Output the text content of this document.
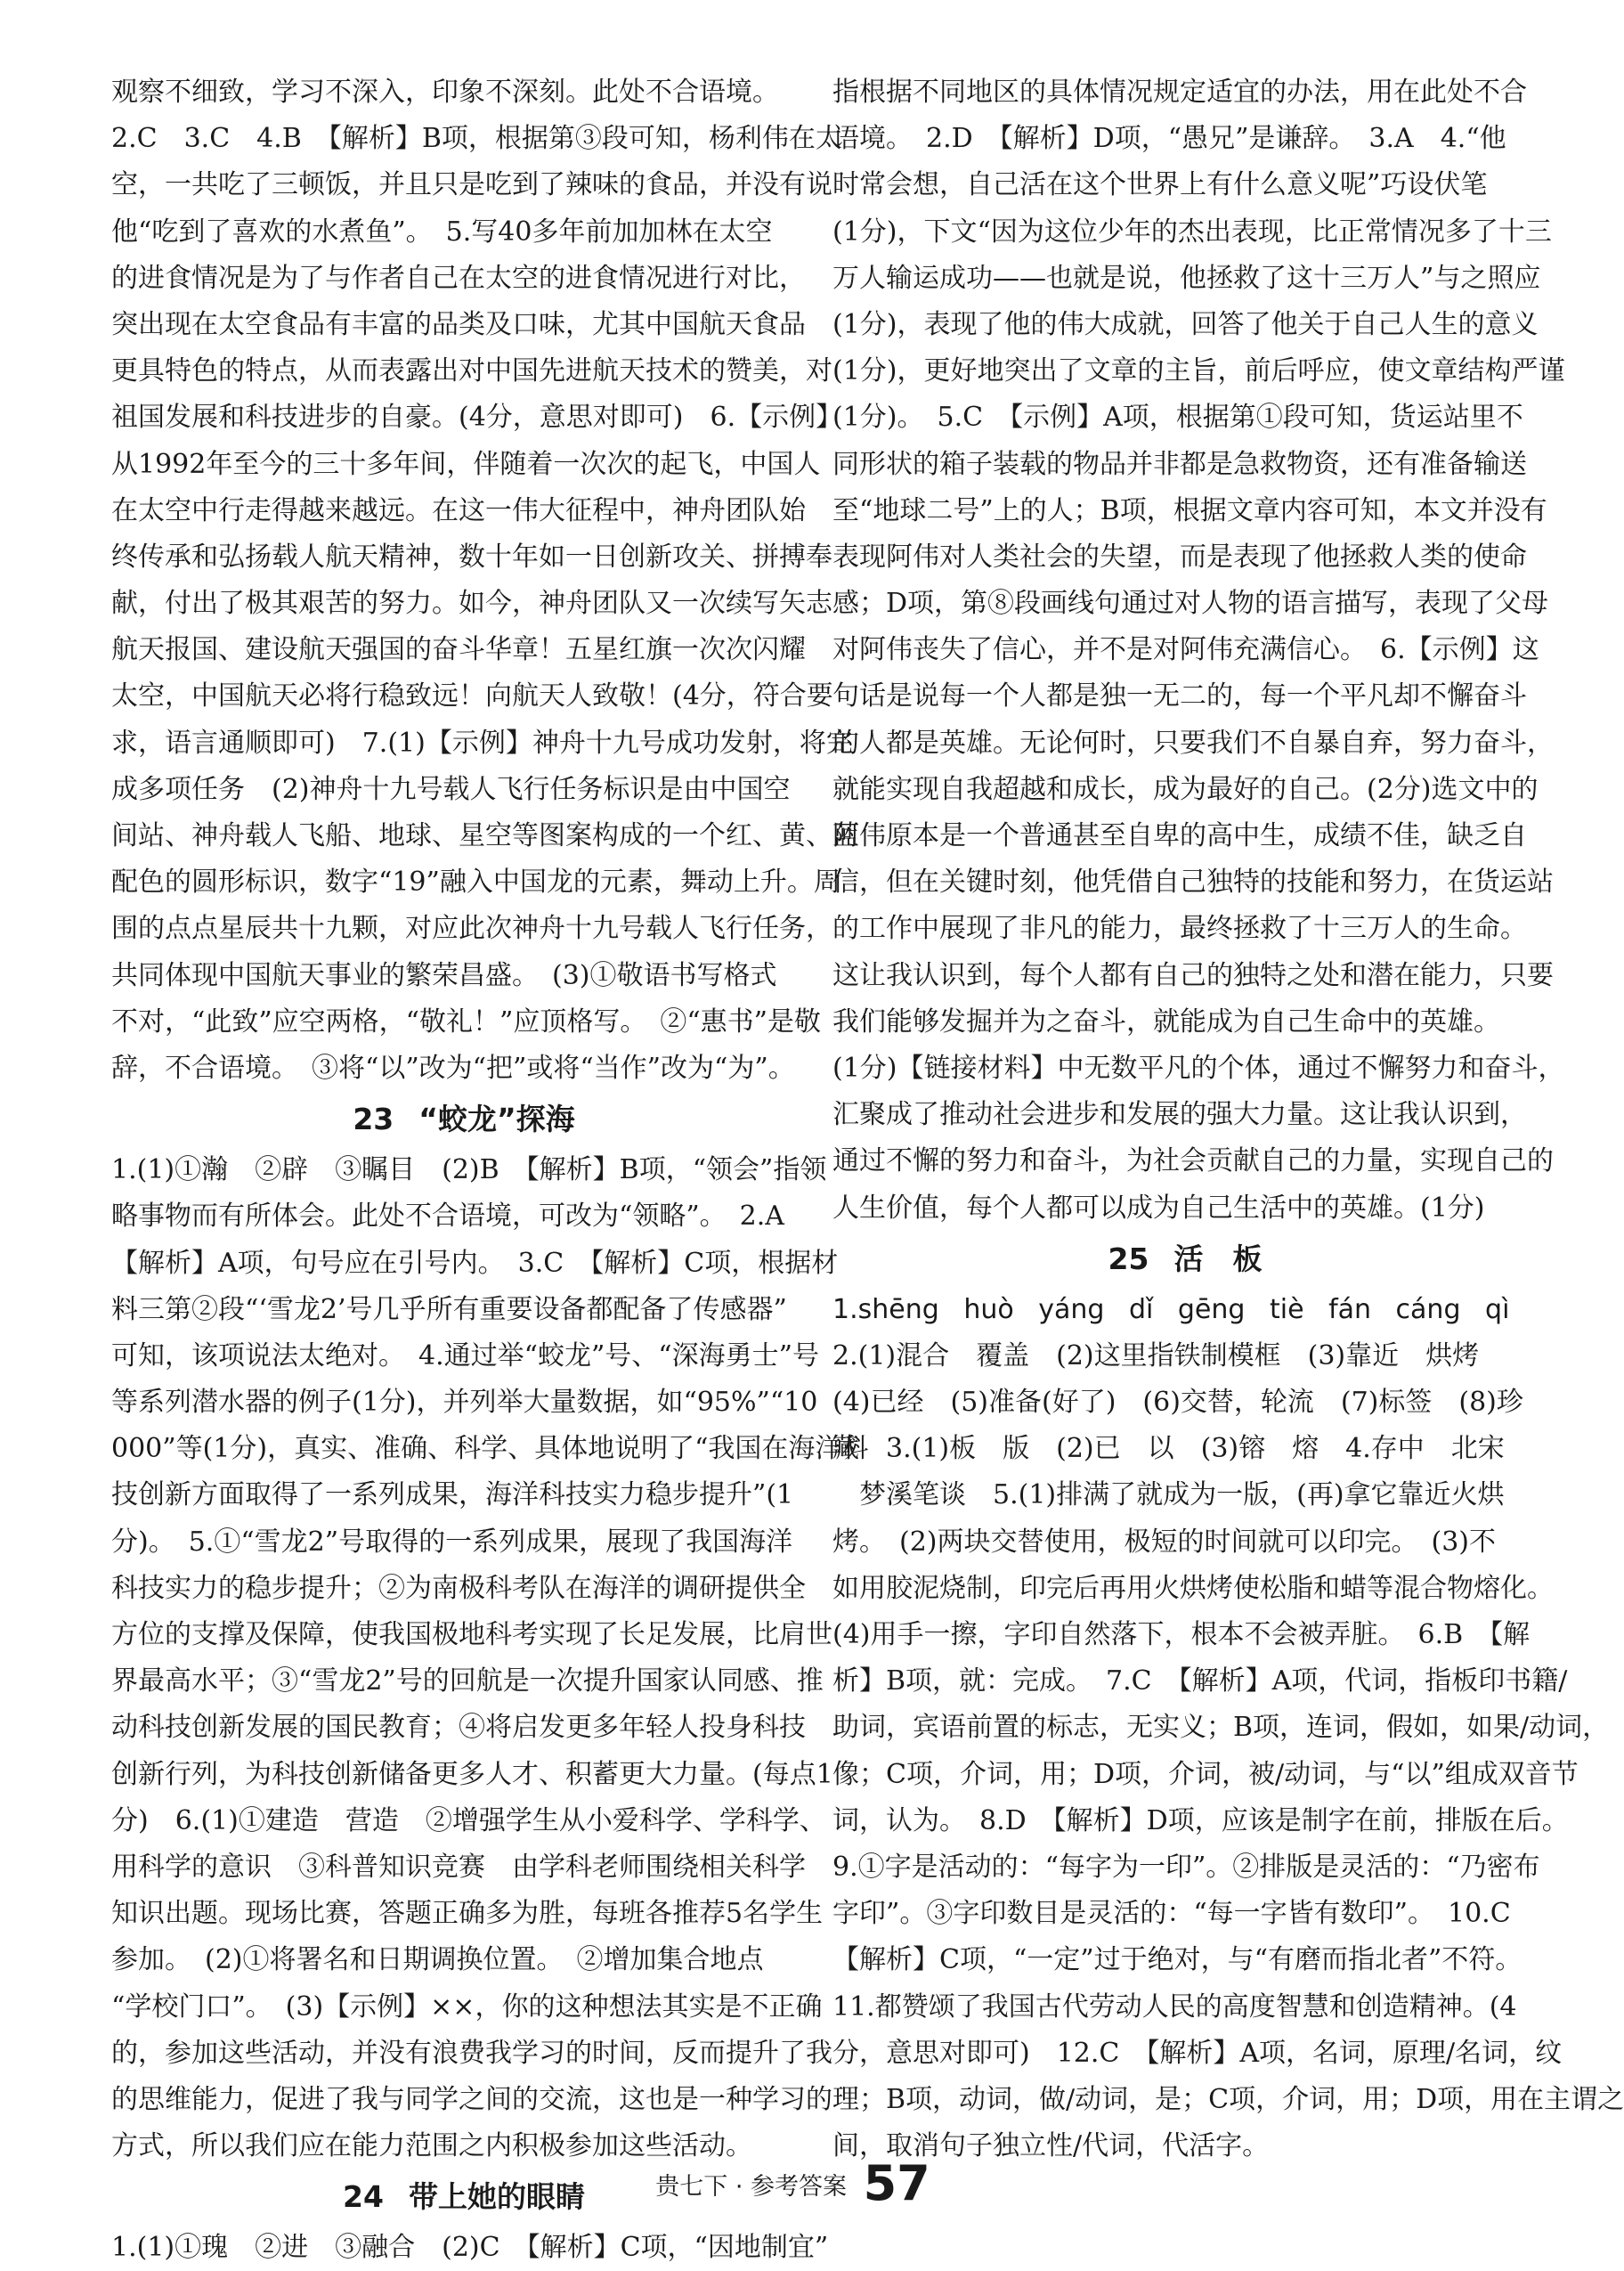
观察不细致，学习不深入，印象不深刻。此处不合语境。
2.C　3.C　4.B　【解析】B项，根据第③段可知，杨利伟在太
空，一共吃了三顿饭，并且只是吃到了辣味的食品，并没有说
他“吃到了喜欢的水煮鱼”。　5.写40多年前加加林在太空
的进食情况是为了与作者自己在太空的进食情况进行对比，
突出现在太空食品有丰富的品类及口味，尤其中国航天食品
更具特色的特点，从而表露出对中国先进航天技术的赞美，对
祖国发展和科技进步的自豪。(4分，意思对即可)　6.【示例】
从1992年至今的三十多年间，伴随着一次次的起飞，中国人
在太空中行走得越来越远。在这一伟大征程中，神舟团队始
终传承和弘扬载人航天精神，数十年如一日创新攻关、拼搏奉
献，付出了极其艰苦的努力。如今，神舟团队又一次续写矢志
航天报国、建设航天强国的奋斗华章！五星红旗一次次闪耀
太空，中国航天必将行稳致远！向航天人致敬！(4分，符合要
求，语言通顺即可)　7.(1)【示例】神舟十九号成功发射，将完
成多项任务　(2)神舟十九号载人飞行任务标识是由中国空
间站、神舟载人飞船、地球、星空等图案构成的一个红、黄、蓝
配色的圆形标识，数字“19”融入中国龙的元素，舞动上升。周
围的点点星辰共十九颗，对应此次神舟十九号载人飞行任务，
共同体现中国航天事业的繁荣昌盛。　(3)①敬语书写格式
不对，“此致”应空两格，“敬礼！”应顶格写。　②“惠书”是敬
辞，不合语境。　③将“以”改为“把”或将“当作”改为“为”。
23 “蛟龙”探海
1.(1)①瀚　②辟　③瞩目　(2)B　【解析】B项，“领会”指领
略事物而有所体会。此处不合语境，可改为“领略”。　2.A
【解析】A项，句号应在引号内。　3.C　【解析】C项，根据材
料三第②段“‘雪龙2’号几乎所有重要设备都配备了传感器”
可知，该项说法太绝对。　4.通过举“蛟龙”号、“深海勇士”号
等系列潜水器的例子(1分)，并列举大量数据，如“95%”“10
000”等(1分)，真实、准确、科学、具体地说明了“我国在海洋科
技创新方面取得了一系列成果，海洋科技实力稳步提升”(1
分)。　5.①“雪龙2”号取得的一系列成果，展现了我国海洋
科技实力的稳步提升；②为南极科考队在海洋的调研提供全
方位的支撑及保障，使我国极地科考实现了长足发展，比肩世
界最高水平；③“雪龙2”号的回航是一次提升国家认同感、推
动科技创新发展的国民教育；④将启发更多年轻人投身科技
创新行列，为科技创新储备更多人才、积蓄更大力量。(每点1
分)　6.(1)①建造　营造　②增强学生从小爱科学、学科学、
用科学的意识　③科普知识竞赛　由学科老师围绕相关科学
知识出题。现场比赛，答题正确多为胜，每班各推荐5名学生
参加。　(2)①将署名和日期调换位置。　②增加集合地点
“学校门口”。　(3)【示例】××，你的这种想法其实是不正确
的，参加这些活动，并没有浪费我学习的时间，反而提升了我
的思维能力，促进了我与同学之间的交流，这也是一种学习的
方式，所以我们应在能力范围之内积极参加这些活动。
24 带上她的眼睛
1.(1)①瑰　②进　③融合　(2)C　【解析】C项，“因地制宜”
指根据不同地区的具体情况规定适宜的办法，用在此处不合
语境。　2.D　【解析】D项，“愚兄”是谦辞。　3.A　4.“他
时常会想，自己活在这个世界上有什么意义呢”巧设伏笔
(1分)，下文“因为这位少年的杰出表现，比正常情况多了十三
万人输运成功——也就是说，他拯救了这十三万人”与之照应
(1分)，表现了他的伟大成就，回答了他关于自己人生的意义
(1分)，更好地突出了文章的主旨，前后呼应，使文章结构严谨
(1分)。　5.C　【示例】A项，根据第①段可知，货运站里不
同形状的箱子装载的物品并非都是急救物资，还有准备输送
至“地球二号”上的人；B项，根据文章内容可知，本文并没有
表现阿伟对人类社会的失望，而是表现了他拯救人类的使命
感；D项，第⑧段画线句通过对人物的语言描写，表现了父母
对阿伟丧失了信心，并不是对阿伟充满信心。　6.【示例】这
句话是说每一个人都是独一无二的，每一个平凡却不懈奋斗
的人都是英雄。无论何时，只要我们不自暴自弃，努力奋斗，
就能实现自我超越和成长，成为最好的自己。(2分)选文中的
阿伟原本是一个普通甚至自卑的高中生，成绩不佳，缺乏自
信，但在关键时刻，他凭借自己独特的技能和努力，在货运站
的工作中展现了非凡的能力，最终拯救了十三万人的生命。
这让我认识到，每个人都有自己的独特之处和潜在能力，只要
我们能够发掘并为之奋斗，就能成为自己生命中的英雄。
(1分)【链接材料】中无数平凡的个体，通过不懈努力和奋斗，
汇聚成了推动社会进步和发展的强大力量。这让我认识到，
通过不懈的努力和奋斗，为社会贡献自己的力量，实现自己的
人生价值，每个人都可以成为自己生活中的英雄。(1分)
25 活　板
1.shēng huò yáng dǐ gēng tiè fán cáng qì
2.(1)混合　覆盖　(2)这里指铁制模框　(3)靠近　烘烤
(4)已经　(5)准备(好了)　(6)交替，轮流　(7)标签　(8)珍
藏　3.(1)板　版　(2)已　以　(3)镕　熔　4.存中　北宋
　梦溪笔谈　5.(1)排满了就成为一版，(再)拿它靠近火烘
烤。　(2)两块交替使用，极短的时间就可以印完。　(3)不
如用胶泥烧制，印完后再用火烘烤使松脂和蜡等混合物熔化。
(4)用手一擦，字印自然落下，根本不会被弄脏。　6.B　【解
析】B项，就：完成。　7.C　【解析】A项，代词，指板印书籍/
助词，宾语前置的标志，无实义；B项，连词，假如，如果/动词，
像；C项，介词，用；D项，介词，被/动词，与“以”组成双音节
词，认为。　8.D　【解析】D项，应该是制字在前，排版在后。
9.①字是活动的：“每字为一印”。②排版是灵活的：“乃密布
字印”。③字印数目是灵活的：“每一字皆有数印”。　10.C
【解析】C项，“一定”过于绝对，与“有磨而指北者”不符。
11.都赞颂了我国古代劳动人民的高度智慧和创造精神。(4
分，意思对即可)　12.C　【解析】A项，名词，原理/名词，纹
理；B项，动词，做/动词，是；C项，介词，用；D项，用在主谓之
间，取消句子独立性/代词，代活字。
贵七下 · 参考答案 57
